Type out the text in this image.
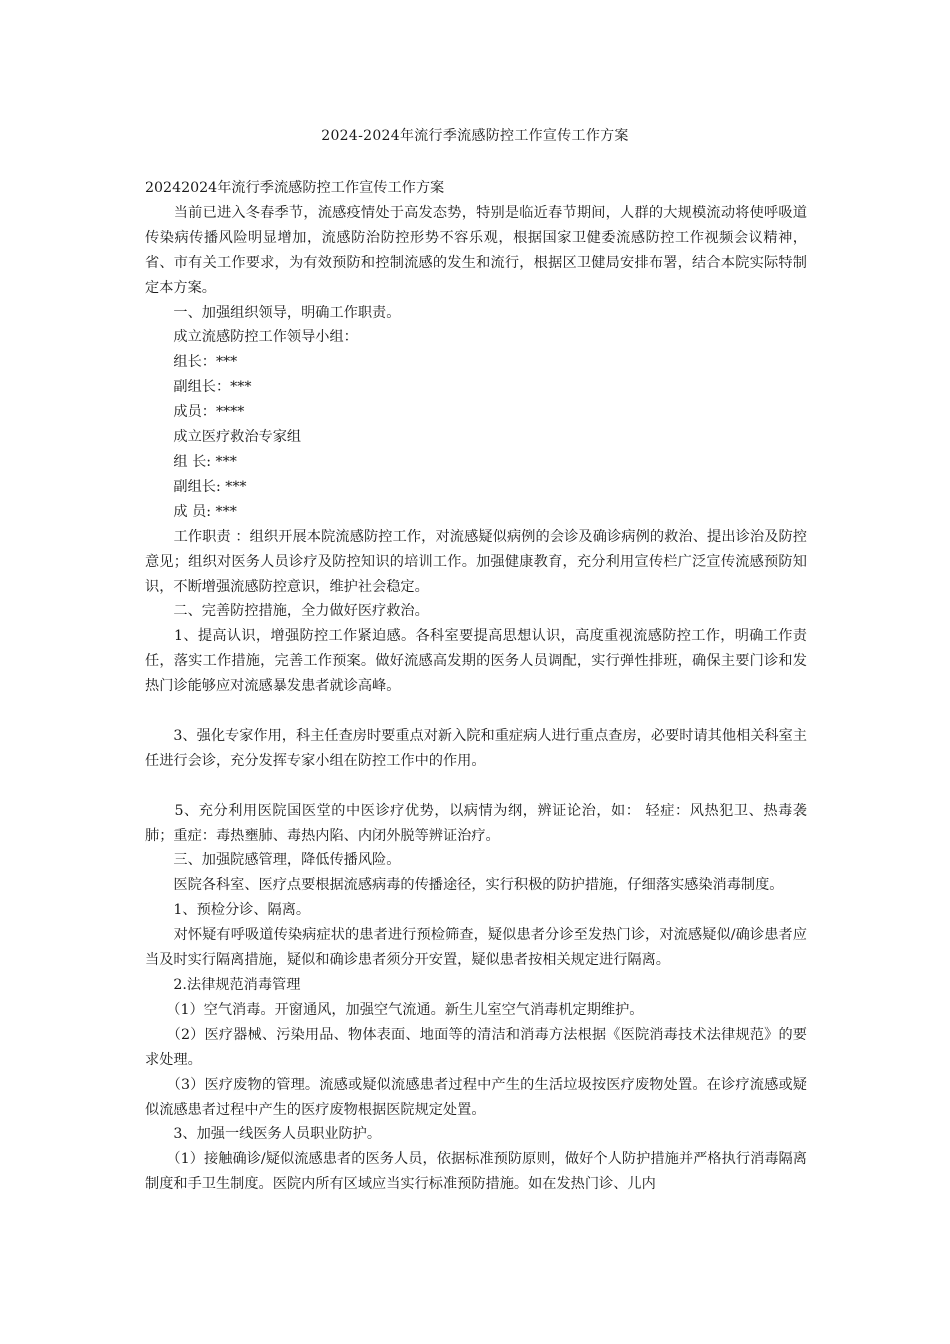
2024-2024年流行季流感防控工作宣传工作方案

20242024年流行季流感防控工作宣传工作方案

　　当前已进入冬春季节，流感疫情处于高发态势，特别是临近春节期间，人群的大规模流动将使呼吸道传染病传播风险明显增加，流感防治防控形势不容乐观，根据国家卫健委流感防控工作视频会议精神，省、市有关工作要求，为有效预防和控制流感的发生和流行，根据区卫健局安排布署，结合本院实际特制定本方案。

　　一、加强组织领导，明确工作职责。

　　成立流感防控工作领导小组：

　　组长：***

　　副组长：***

　　成员：****

　　成立医疗救治专家组

　　组 长: ***

　　副组长: ***

　　成 员: ***

　　工作职责 ：组织开展本院流感防控工作，对流感疑似病例的会诊及确诊病例的救治、提出诊治及防控意见；组织对医务人员诊疗及防控知识的培训工作。加强健康教育，充分利用宣传栏广泛宣传流感预防知识，不断增强流感防控意识，维护社会稳定。

　　二、完善防控措施，全力做好医疗救治。

　　1、提高认识，增强防控工作紧迫感。各科室要提高思想认识，高度重视流感防控工作，明确工作责任，落实工作措施，完善工作预案。做好流感高发期的医务人员调配，实行弹性排班，确保主要门诊和发热门诊能够应对流感暴发患者就诊高峰。

　　3、强化专家作用，科主任查房时要重点对新入院和重症病人进行重点查房，必要时请其他相关科室主任进行会诊，充分发挥专家小组在防控工作中的作用。

　　5、充分利用医院国医堂的中医诊疗优势，以病情为纲，辨证论治，如： 轻症：风热犯卫、热毒袭肺；重症：毒热壅肺、毒热内陷、内闭外脱等辨证治疗。

　　三、加强院感管理，降低传播风险。

　　医院各科室、医疗点要根据流感病毒的传播途径，实行积极的防护措施，仔细落实感染消毒制度。

　　1、预检分诊、隔离。

　　对怀疑有呼吸道传染病症状的患者进行预检筛查，疑似患者分诊至发热门诊，对流感疑似/确诊患者应当及时实行隔离措施，疑似和确诊患者须分开安置，疑似患者按相关规定进行隔离。

　　2.法律规范消毒管理

　　（1）空气消毒。开窗通风，加强空气流通。新生儿室空气消毒机定期维护。

　　（2）医疗器械、污染用品、物体表面、地面等的清洁和消毒方法根据《医院消毒技术法律规范》的要求处理。

　　（3）医疗废物的管理。流感或疑似流感患者过程中产生的生活垃圾按医疗废物处置。在诊疗流感或疑似流感患者过程中产生的医疗废物根据医院规定处置。

　　3、加强一线医务人员职业防护。

　　（1）接触确诊/疑似流感患者的医务人员，依据标准预防原则，做好个人防护措施并严格执行消毒隔离制度和手卫生制度。医院内所有区域应当实行标准预防措施。如在发热门诊、儿内
